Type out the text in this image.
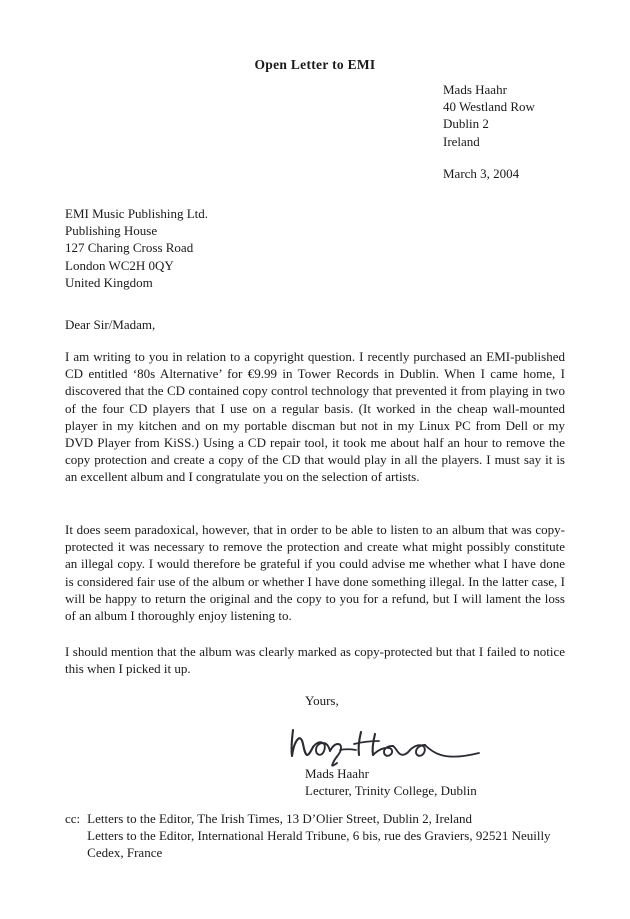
Open Letter to EMI
Mads Haahr
40 Westland Row
Dublin 2
Ireland
March 3, 2004
EMI Music Publishing Ltd.
Publishing House
127 Charing Cross Road
London WC2H 0QY
United Kingdom
Dear Sir/Madam,

I am writing to you in relation to a copyright question. I recently purchased an EMI-published CD entitled ‘80s Alternative’ for €9.99 in Tower Records in Dublin. When I came home, I discovered that the CD contained copy control technology that prevented it from playing in two of the four CD players that I use on a regular basis. (It worked in the cheap wall-mounted player in my kitchen and on my portable discman but not in my Linux PC from Dell or my DVD Player from KiSS.) Using a CD repair tool, it took me about half an hour to remove the copy protection and create a copy of the CD that would play in all the players. I must say it is an excellent album and I congratulate you on the selection of artists.

It does seem paradoxical, however, that in order to be able to listen to an album that was copy-protected it was necessary to remove the protection and create what might possibly constitute an illegal copy. I would therefore be grateful if you could advise me whether what I have done is considered fair use of the album or whether I have done something illegal. In the latter case, I will be happy to return the original and the copy to you for a refund, but I will lament the loss of an album I thoroughly enjoy listening to.

I should mention that the album was clearly marked as copy-protected but that I failed to notice this when I picked it up.

Yours,
Mads Haahr
Lecturer, Trinity College, Dublin
cc: Letters to the Editor, The Irish Times, 13 D’Olier Street, Dublin 2, Ireland
Letters to the Editor, International Herald Tribune, 6 bis, rue des Graviers, 92521 Neuilly Cedex, France
